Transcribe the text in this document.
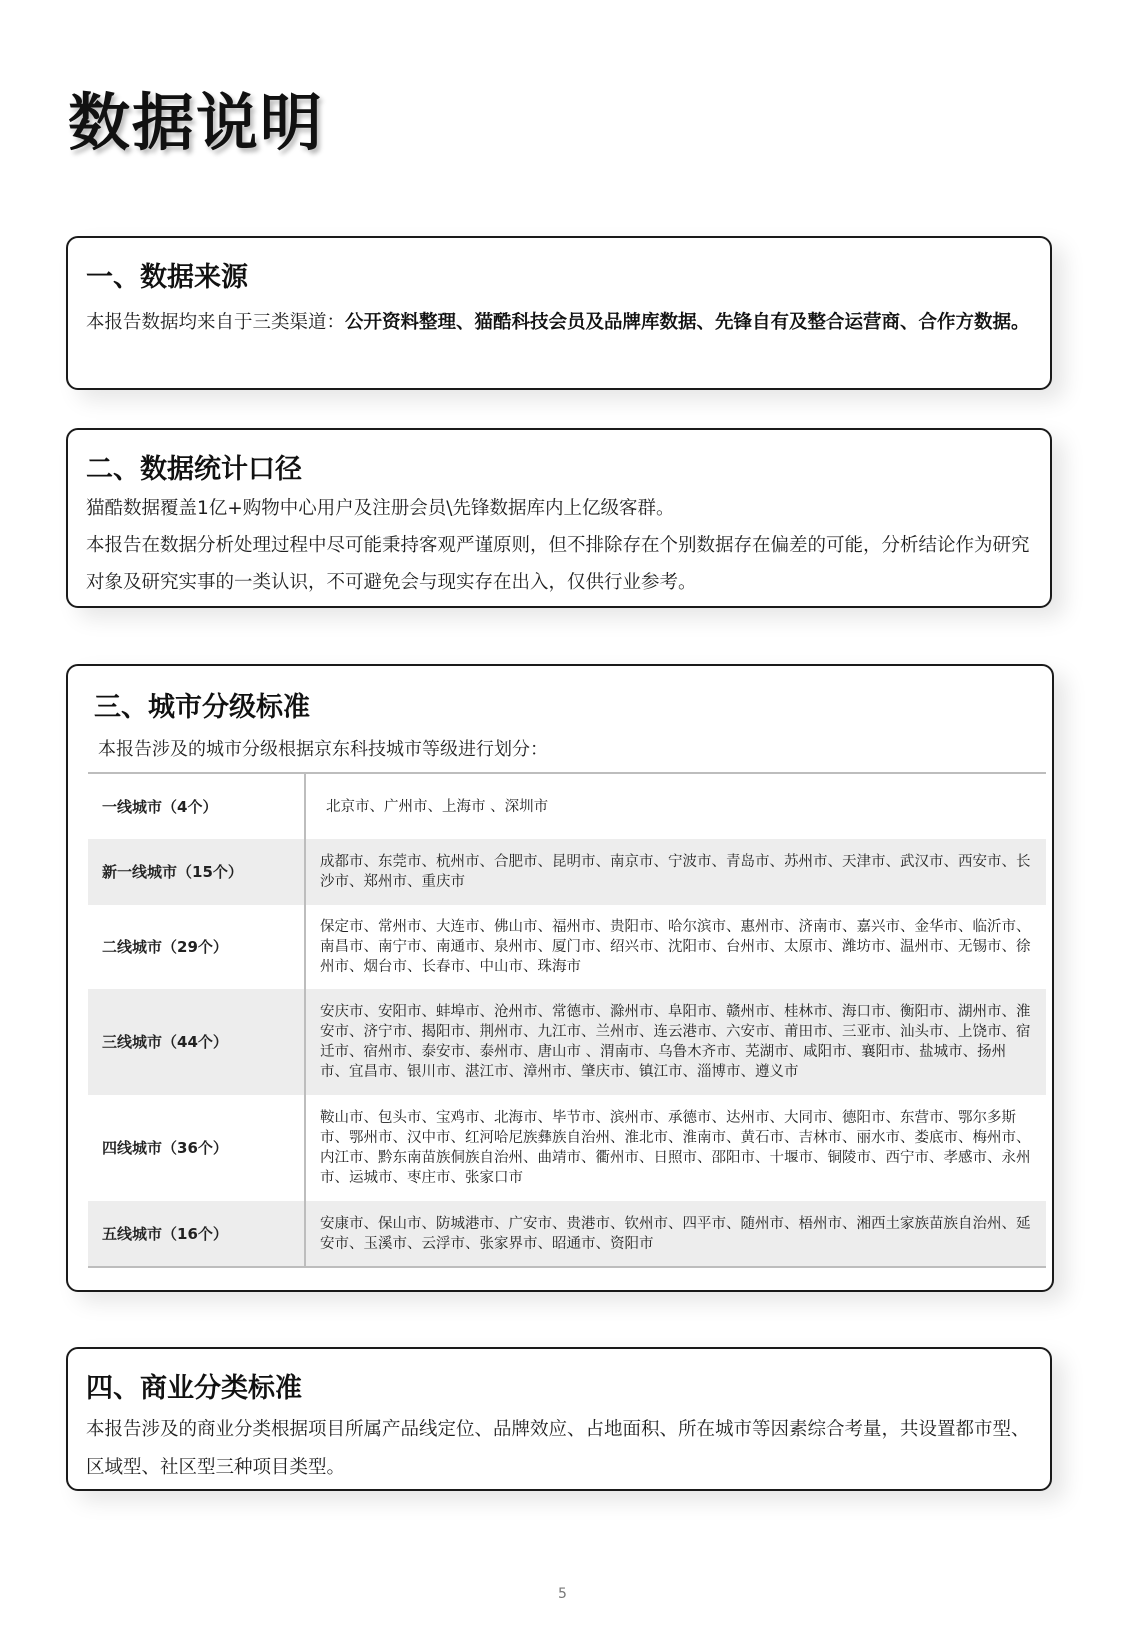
数据说明
一、数据来源

本报告数据均来自于三类渠道：公开资料整理、猫酷科技会员及品牌库数据、先锋自有及整合运营商、合作方数据。

二、数据统计口径

猫酷数据覆盖1亿+购物中心用户及注册会员\先锋数据库内上亿级客群。

本报告在数据分析处理过程中尽可能秉持客观严谨原则，但不排除存在个别数据存在偏差的可能，分析结论作为研究对象及研究实事的一类认识，不可避免会与现实存在出入，仅供行业参考。

三、城市分级标准

本报告涉及的城市分级根据京东科技城市等级进行划分：

一线城市（4个）	北京市、广州市、上海市 、深圳市
新一线城市（15个）	成都市、东莞市、杭州市、合肥市、昆明市、南京市、宁波市、青岛市、苏州市、天津市、武汉市、西安市、长沙市、郑州市、重庆市
二线城市（29个）	保定市、常州市、大连市、佛山市、福州市、贵阳市、哈尔滨市、惠州市、济南市、嘉兴市、金华市、临沂市、南昌市、南宁市、南通市、泉州市、厦门市、绍兴市、沈阳市、台州市、太原市、潍坊市、温州市、无锡市、徐州市、烟台市、长春市、中山市、珠海市
三线城市（44个）	安庆市、安阳市、蚌埠市、沧州市、常德市、滁州市、阜阳市、赣州市、桂林市、海口市、衡阳市、湖州市、淮安市、济宁市、揭阳市、荆州市、九江市、兰州市、连云港市、六安市、莆田市、三亚市、汕头市、上饶市、宿迁市、宿州市、泰安市、泰州市、唐山市 、渭南市、乌鲁木齐市、芜湖市、咸阳市、襄阳市、盐城市、扬州市、宜昌市、银川市、湛江市、漳州市、肇庆市、镇江市、淄博市、遵义市
四线城市（36个）	鞍山市、包头市、宝鸡市、北海市、毕节市、滨州市、承德市、达州市、大同市、德阳市、东营市、鄂尔多斯市、鄂州市、汉中市、红河哈尼族彝族自治州、淮北市、淮南市、黄石市、吉林市、丽水市、娄底市、梅州市、内江市、黔东南苗族侗族自治州、曲靖市、衢州市、日照市、邵阳市、十堰市、铜陵市、西宁市、孝感市、永州市、运城市、枣庄市、张家口市
五线城市（16个）	安康市、保山市、防城港市、广安市、贵港市、钦州市、四平市、随州市、梧州市、湘西土家族苗族自治州、延安市、玉溪市、云浮市、张家界市、昭通市、资阳市
四、商业分类标准

本报告涉及的商业分类根据项目所属产品线定位、品牌效应、占地面积、所在城市等因素综合考量，共设置都市型、区域型、社区型三种项目类型。

5
